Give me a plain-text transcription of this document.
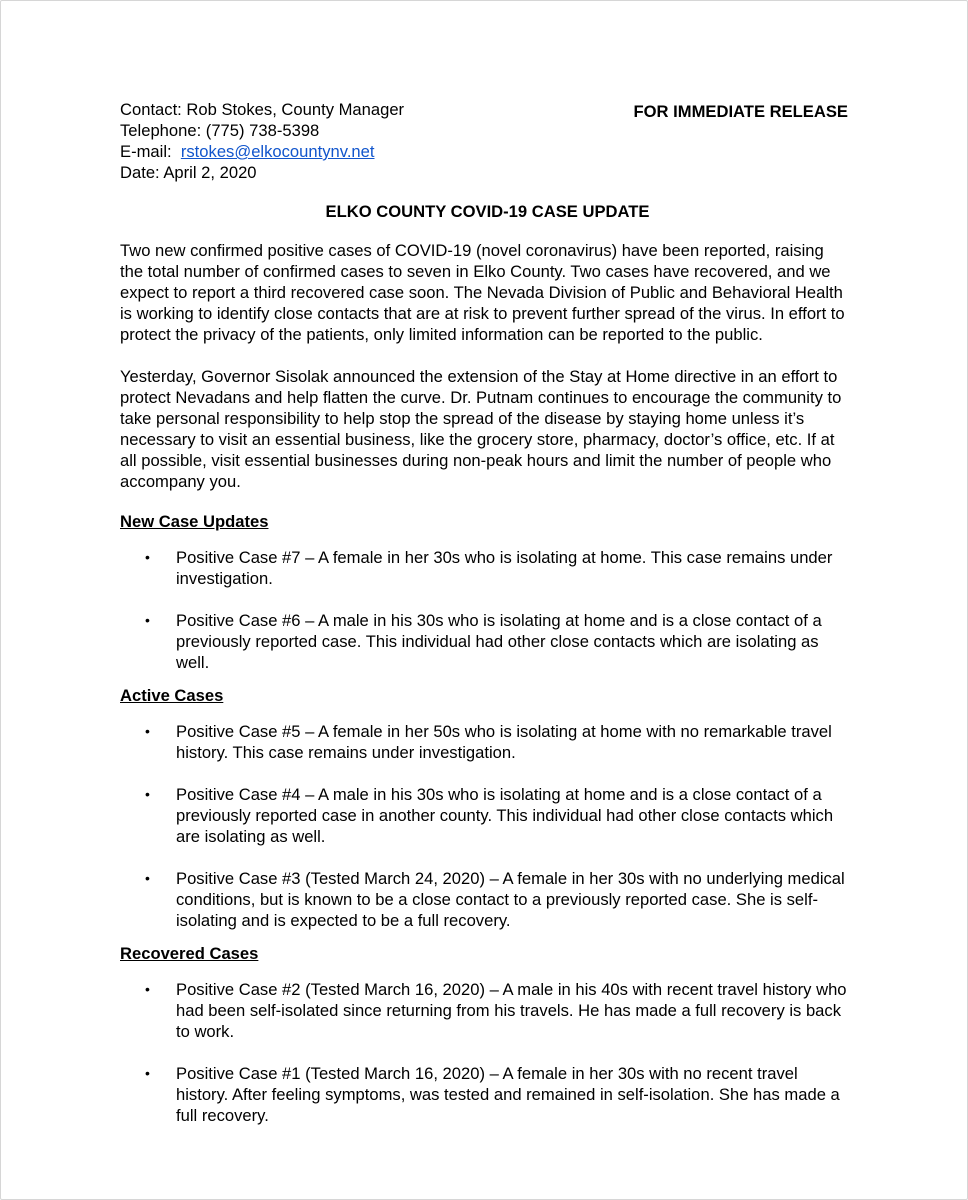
Contact: Rob Stokes, County Manager
Telephone: (775) 738-5398
E-mail:  rstokes@elkocountynv.net
Date: April 2, 2020
FOR IMMEDIATE RELEASE
ELKO COUNTY COVID-19 CASE UPDATE

Two new confirmed positive cases of COVID-19 (novel coronavirus) have been reported, raising the total number of confirmed cases to seven in Elko County. Two cases have recovered, and we expect to report a third recovered case soon. The Nevada Division of Public and Behavioral Health is working to identify close contacts that are at risk to prevent further spread of the virus. In effort to protect the privacy of the patients, only limited information can be reported to the public.

Yesterday, Governor Sisolak announced the extension of the Stay at Home directive in an effort to protect Nevadans and help flatten the curve. Dr. Putnam continues to encourage the community to take personal responsibility to help stop the spread of the disease by staying home unless it’s necessary to visit an essential business, like the grocery store, pharmacy, doctor’s office, etc. If at all possible, visit essential businesses during non-peak hours and limit the number of people who accompany you.

New Case Updates
• Positive Case #7 – A female in her 30s who is isolating at home. This case remains under investigation.
• Positive Case #6 – A male in his 30s who is isolating at home and is a close contact of a previously reported case. This individual had other close contacts which are isolating as well.
Active Cases
• Positive Case #5 – A female in her 50s who is isolating at home with no remarkable travel history. This case remains under investigation.
• Positive Case #4 – A male in his 30s who is isolating at home and is a close contact of a previously reported case in another county. This individual had other close contacts which are isolating as well.
• Positive Case #3 (Tested March 24, 2020) – A female in her 30s with no underlying medical conditions, but is known to be a close contact to a previously reported case. She is self-isolating and is expected to be a full recovery.
Recovered Cases
• Positive Case #2 (Tested March 16, 2020) – A male in his 40s with recent travel history who had been self-isolated since returning from his travels. He has made a full recovery is back to work.
• Positive Case #1 (Tested March 16, 2020) – A female in her 30s with no recent travel history. After feeling symptoms, was tested and remained in self-isolation. She has made a full recovery.
